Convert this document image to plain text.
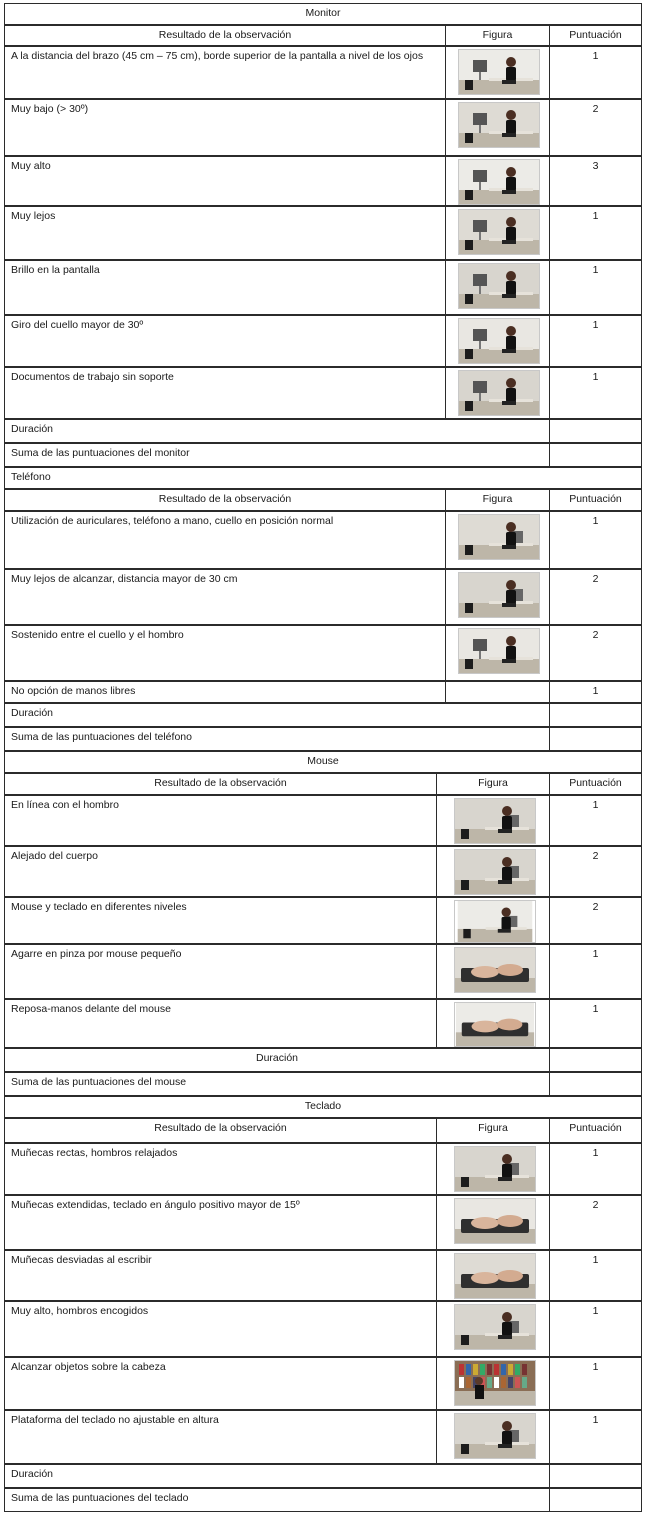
Monitor
Resultado de la observación	Figura	Puntuación
A la distancia del brazo (45 cm – 75 cm), borde superior de la pantalla a nivel de los ojos	1
Muy bajo (> 30º)	2
Muy alto	3
Muy lejos	1
Brillo en la pantalla	1
Giro del cuello mayor de 30º	1
Documentos de trabajo sin soporte	1
Duración
Suma de las puntuaciones del monitor
Teléfono
Resultado de la observación	Figura	Puntuación
Utilización de auriculares, teléfono a mano, cuello en posición normal	1
Muy lejos de alcanzar, distancia mayor de 30 cm	2
Sostenido entre el cuello y el hombro	2
No opción de manos libres	1
Duración
Suma de las puntuaciones del teléfono
Mouse
Resultado de la observación	Figura	Puntuación
En línea con el hombro	1
Alejado del cuerpo	2
Mouse y teclado en diferentes niveles	2
Agarre en pinza por mouse pequeño	1
Reposa-manos delante del mouse	1
Duración
Suma de las puntuaciones del mouse
Teclado
Resultado de la observación	Figura	Puntuación
Muñecas rectas, hombros relajados	1
Muñecas extendidas, teclado en ángulo positivo mayor de 15º	2
Muñecas desviadas al escribir	1
Muy alto, hombros encogidos	1
Alcanzar objetos sobre la cabeza	1
Plataforma del teclado no ajustable en altura	1
Duración
Suma de las puntuaciones del teclado
